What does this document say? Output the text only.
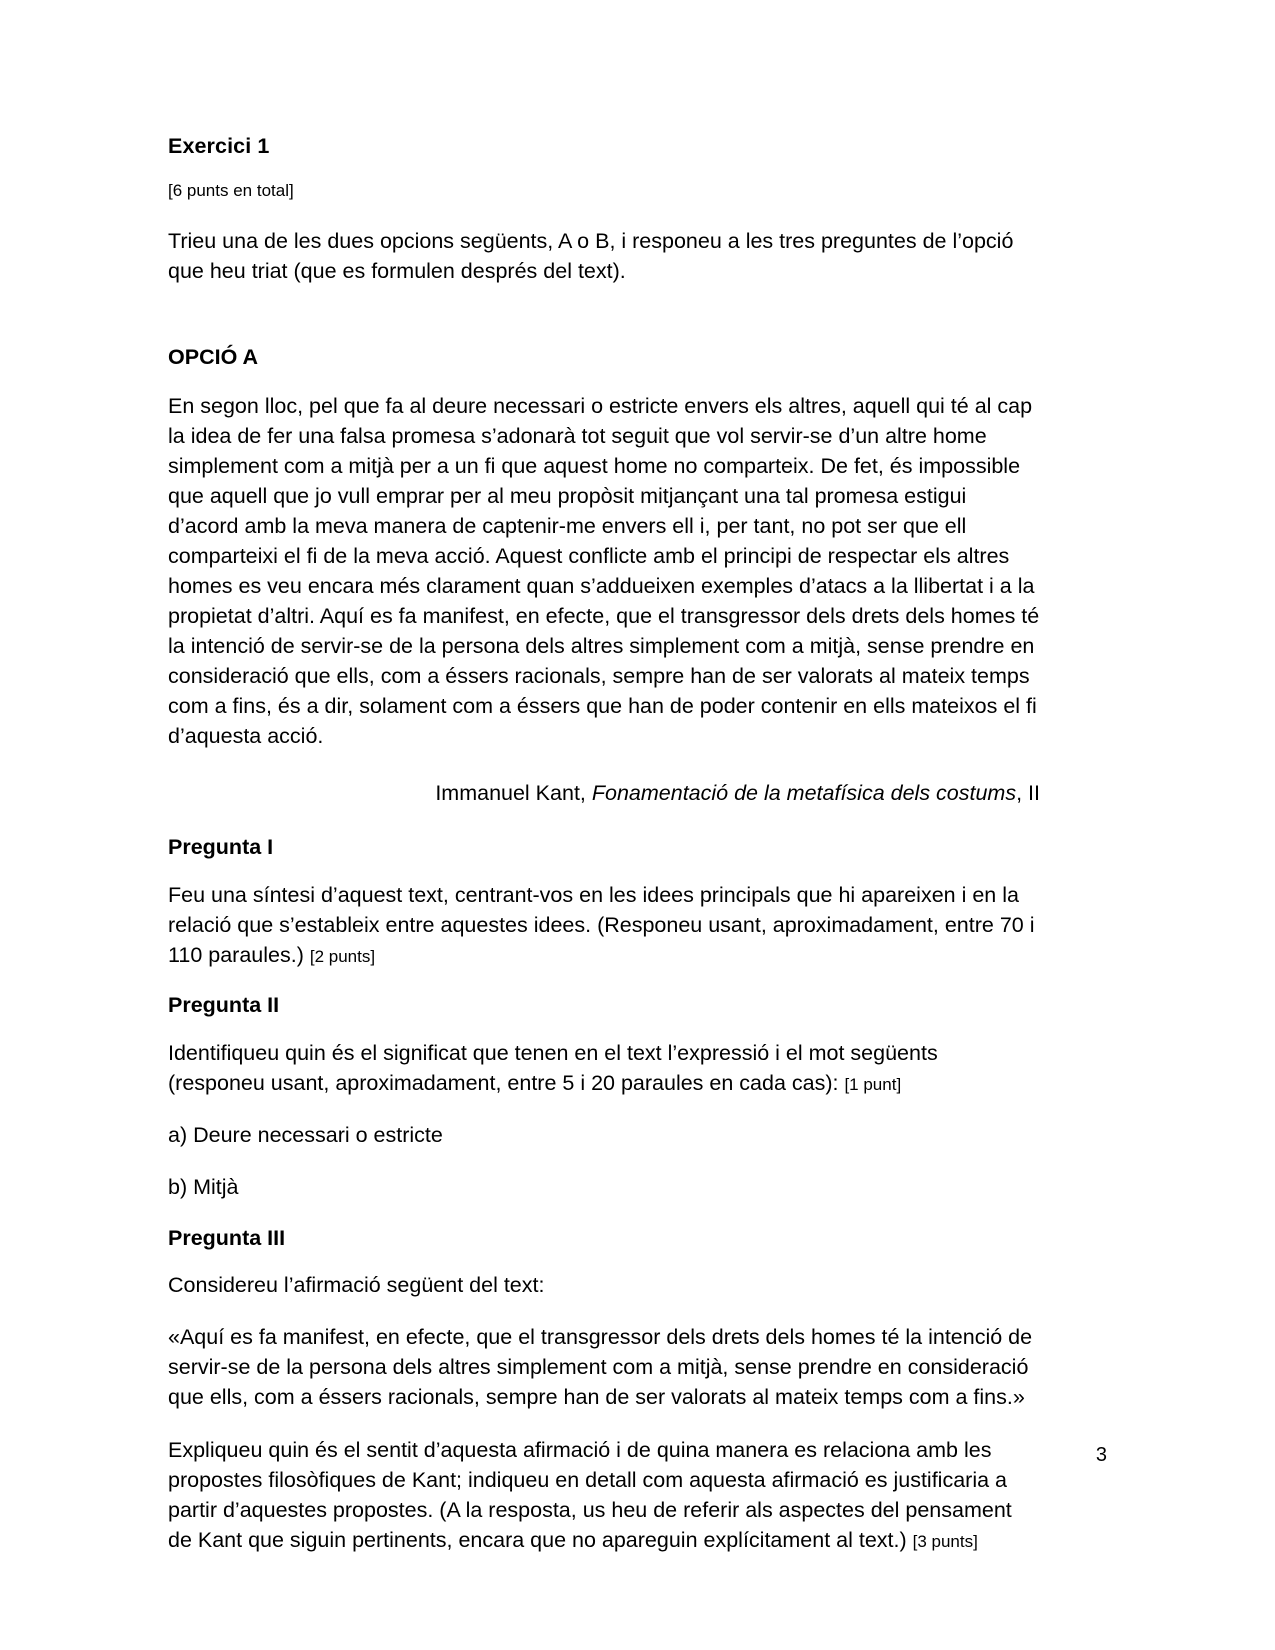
Exercici 1

[6 punts en total]

Trieu una de les dues opcions següents, A o B, i responeu a les tres preguntes de l’opció que heu triat (que es formulen després del text).

OPCIÓ A

En segon lloc, pel que fa al deure necessari o estricte envers els altres, aquell qui té al cap la idea de fer una falsa promesa s’adonarà tot seguit que vol servir-se d’un altre home simplement com a mitjà per a un fi que aquest home no comparteix. De fet, és impossible que aquell que jo vull emprar per al meu propòsit mitjançant una tal promesa estigui d’acord amb la meva manera de captenir-me envers ell i, per tant, no pot ser que ell comparteixi el fi de la meva acció. Aquest conflicte amb el principi de respectar els altres homes es veu encara més clarament quan s’addueixen exemples d’atacs a la llibertat i a la propietat d’altri. Aquí es fa manifest, en efecte, que el transgressor dels drets dels homes té la intenció de servir-se de la persona dels altres simplement com a mitjà, sense prendre en consideració que ells, com a éssers racionals, sempre han de ser valorats al mateix temps com a fins, és a dir, solament com a éssers que han de poder contenir en ells mateixos el fi d’aquesta acció.

Immanuel Kant, Fonamentació de la metafísica dels costums, II

Pregunta I

Feu una síntesi d’aquest text, centrant-vos en les idees principals que hi apareixen i en la relació que s’estableix entre aquestes idees. (Responeu usant, aproximadament, entre 70 i 110 paraules.) [2 punts]

Pregunta II

Identifiqueu quin és el significat que tenen en el text l’expressió i el mot següents (responeu usant, aproximadament, entre 5 i 20 paraules en cada cas): [1 punt]

a) Deure necessari o estricte

b) Mitjà

Pregunta III

Considereu l’afirmació següent del text:

«Aquí es fa manifest, en efecte, que el transgressor dels drets dels homes té la intenció de servir-se de la persona dels altres simplement com a mitjà, sense prendre en consideració que ells, com a éssers racionals, sempre han de ser valorats al mateix temps com a fins.»

Expliqueu quin és el sentit d’aquesta afirmació i de quina manera es relaciona amb les propostes filosòfiques de Kant; indiqueu en detall com aquesta afirmació es justificaria a partir d’aquestes propostes. (A la resposta, us heu de referir als aspectes del pensament de Kant que siguin pertinents, encara que no apareguin explícitament al text.) [3 punts]

3
